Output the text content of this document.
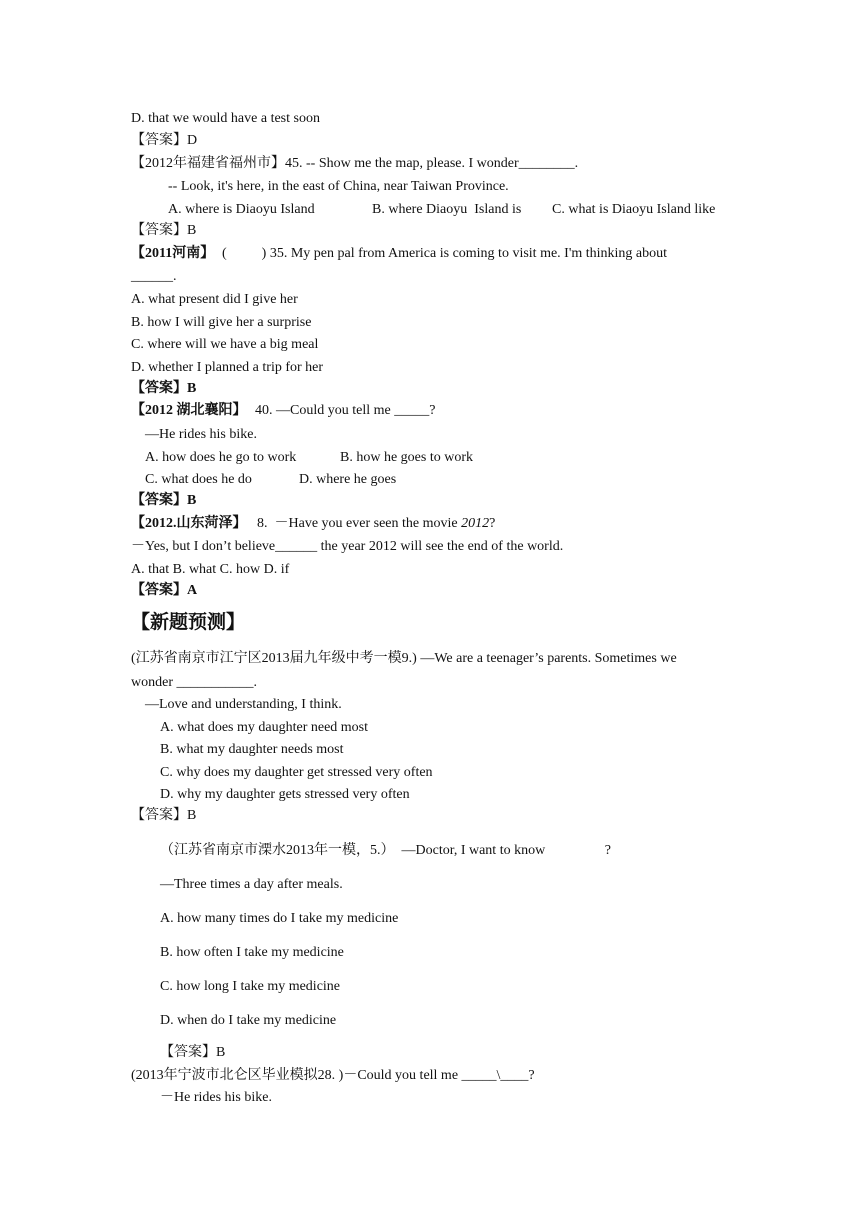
D. that we would have a test soon
【答案】D
【2012年福建省福州市】45. -- Show me the map, please. I wonder________.
-- Look, it's here, in the east of China, near Taiwan Province.
A. where is Diaoyu Island	B. where Diaoyu  Island is C. what is Diaoyu Island like
【答案】B
【2011河南】 (          ) 35. My pen pal from America is coming to visit me. I'm thinking about
______.
A. what present did I give her
B. how I will give her a surprise
C. where will we have a big meal
D. whether I planned a trip for her
【答案】B
【2012 湖北襄阳】 40. —Could you tell me _____?
—He rides his bike.
A. how does he go to work	B. how he goes to work
C. what does he do	D. where he goes
【答案】B
【2012.山东菏泽】 8.  －Have you ever seen the movie 2012?
－Yes, but I don’t believe______ the year 2012 will see the end of the world.
A. that B. what C. how D. if
【答案】A
【新题预测】
(江苏省南京市江宁区2013届九年级中考一模9.) —We are a teenager’s parents. Sometimes we
wonder ___________.
—Love and understanding, I think.
A. what does my daughter need most
B. what my daughter needs most
C. why does my daughter get stressed very often
D. why my daughter gets stressed very often
【答案】B
（江苏省南京市溧水2013年一模，5.）  —Doctor, I want to know                 ?
—Three times a day after meals.
A. how many times do I take my medicine
B. how often I take my medicine
C. how long I take my medicine
D. when do I take my medicine
【答案】B
(2013年宁波市北仑区毕业模拟28. )－Could you tell me _____\____?
－He rides his bike.
